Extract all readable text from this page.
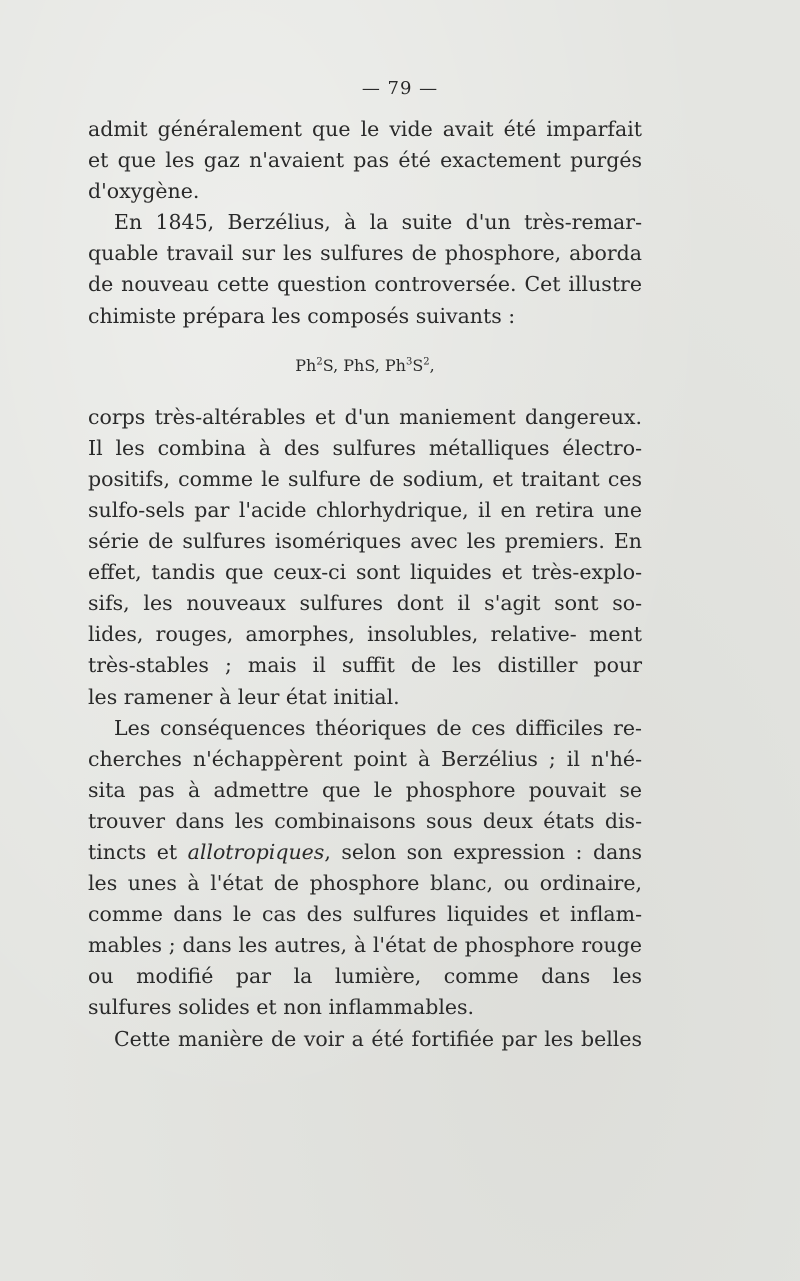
— 79 —

admit généralement que le vide avait été imparfait et que les gaz n'avaient pas été exactement purgés

d'oxygène.

En 1845, Berzélius, à la suite d'un très-remar- quable travail sur les sulfures de phosphore, aborda de nouveau cette question controversée. Cet illustre

chimiste prépara les composés suivants :

Ph$^2$S, PhS, $Ph^3S^2$,

corps très-altérables et d'un maniement dangereux. Il les combina à des sulfures métalliques électro- positifs, comme le sulfure de sodium, et traitant ces sulfo-sels par l'acide chlorhydrique, il en retira une série de sulfures isomériques avec les premiers. En effet, tandis que ceux-ci sont liquides et très-explo- sifs, les nouveaux sulfures dont il s'agit sont so- lides, rouges, amorphes, insolubles, relative- ment très-stables ; mais il suffit de les distiller pour

les ramener à leur état initial.

Les conséquences théoriques de ces difficiles re- cherches n'échappèrent point à Berzélius ; il n'hé- sita pas à admettre que le phosphore pouvait se trouver dans les combinaisons sous deux états dis- tincts et allotropiques, selon son expression : dans les unes à l'état de phosphore blanc, ou ordinaire, comme dans le cas des sulfures liquides et inflam- mables ; dans les autres, à l'état de phosphore rouge ou modifié par la lumière, comme dans les

sulfures solides et non inflammables.

Cette manière de voir a été fortifiée par les belles
